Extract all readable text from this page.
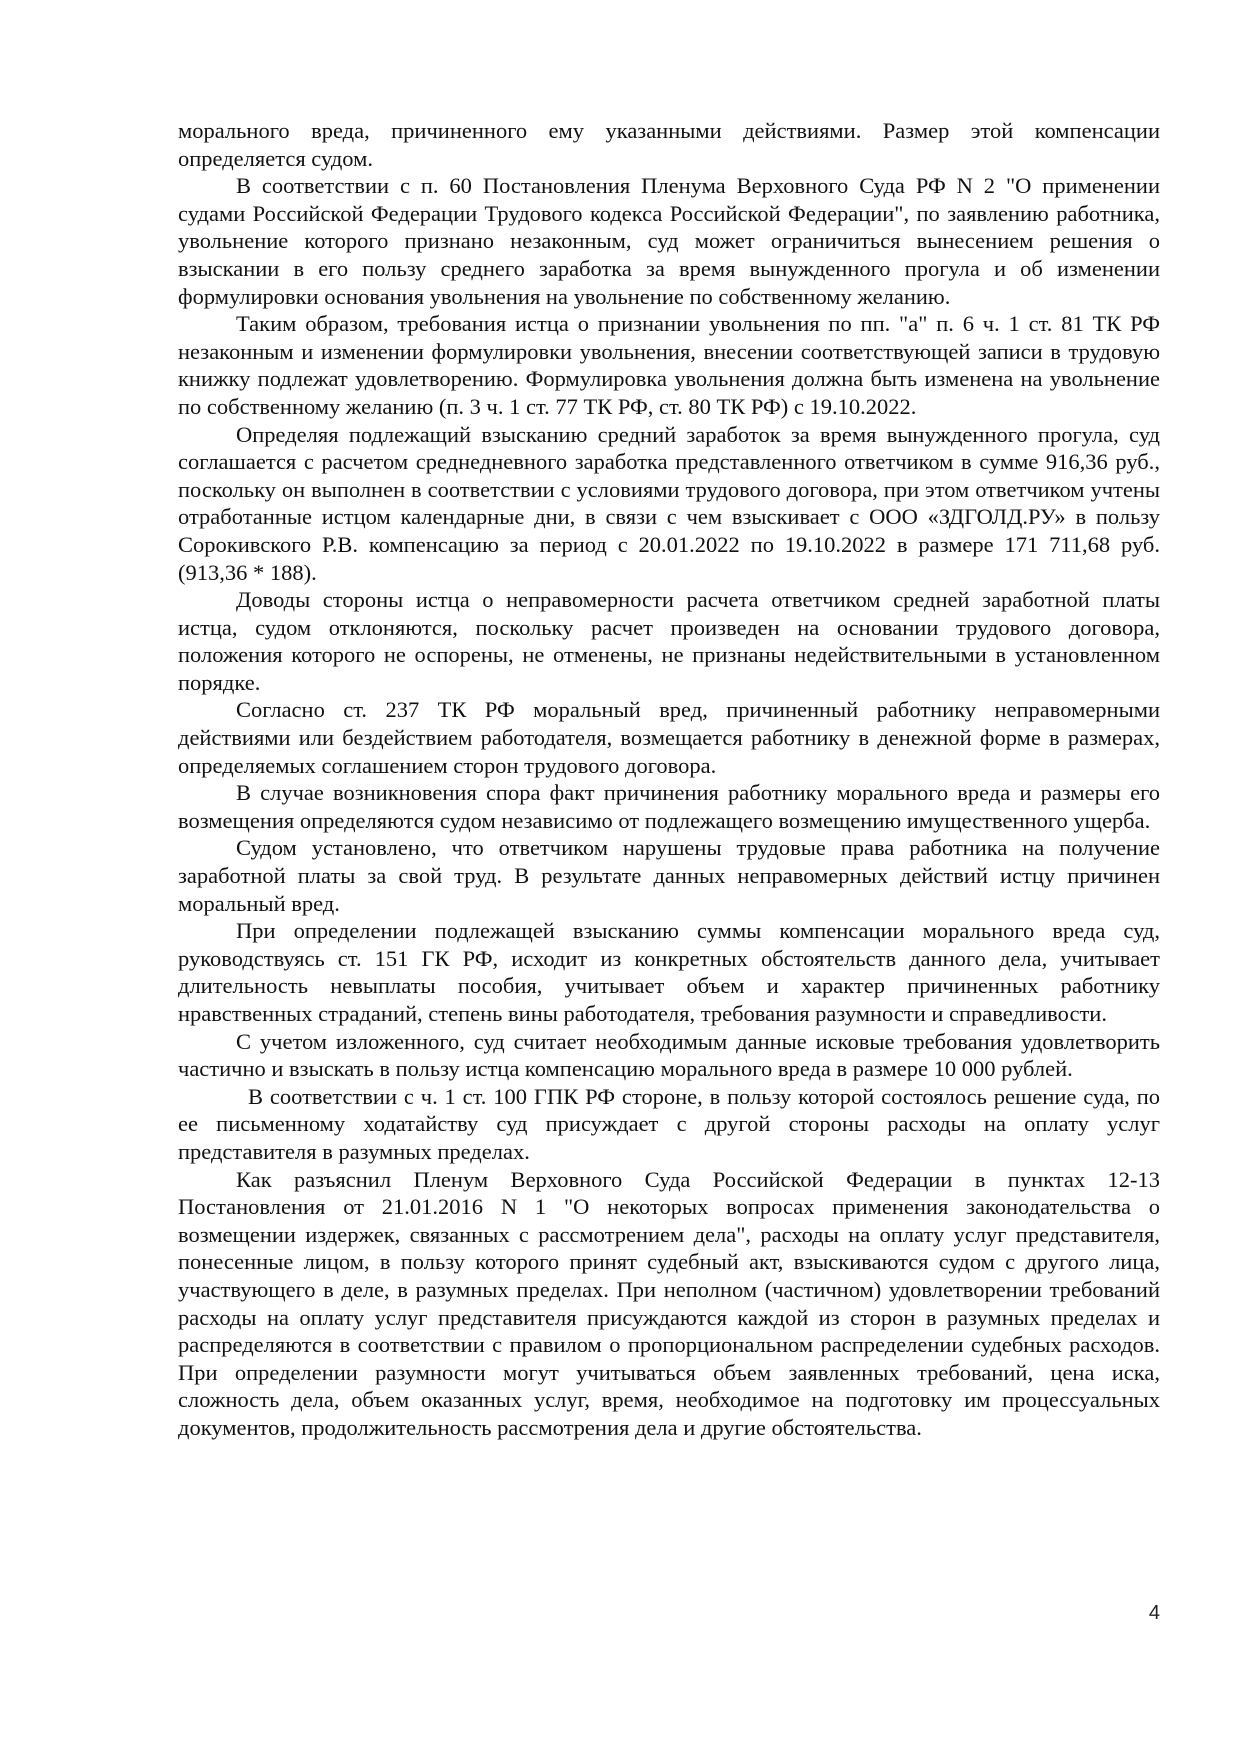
морального вреда, причиненного ему указанными действиями. Размер этой компенсации определяется судом.

В соответствии с п. 60 Постановления Пленума Верховного Суда РФ N 2 "О применении судами Российской Федерации Трудового кодекса Российской Федерации", по заявлению работника, увольнение которого признано незаконным, суд может ограничиться вынесением решения о взыскании в его пользу среднего заработка за время вынужденного прогула и об изменении формулировки основания увольнения на увольнение по собственному желанию.

Таким образом, требования истца о признании увольнения по пп. "а" п. 6 ч. 1 ст. 81 ТК РФ незаконным и изменении формулировки увольнения, внесении соответствующей записи в трудовую книжку подлежат удовлетворению. Формулировка увольнения должна быть изменена на увольнение по собственному желанию (п. 3 ч. 1 ст. 77 ТК РФ, ст. 80 ТК РФ) с 19.10.2022.

Определяя подлежащий взысканию средний заработок за время вынужденного прогула, суд соглашается с расчетом среднедневного заработка представленного ответчиком в сумме 916,36 руб., поскольку он выполнен в соответствии с условиями трудового договора, при этом ответчиком учтены отработанные истцом календарные дни, в связи с чем взыскивает с ООО «ЗДГОЛД.РУ» в пользу Сорокивского Р.В. компенсацию за период с 20.01.2022 по 19.10.2022 в размере 171 711,68 руб. (913,36 * 188).

Доводы стороны истца о неправомерности расчета ответчиком средней заработной платы истца, судом отклоняются, поскольку расчет произведен на основании трудового договора, положения которого не оспорены, не отменены, не признаны недействительными в установленном порядке.

Согласно ст. 237 ТК РФ моральный вред, причиненный работнику неправомерными действиями или бездействием работодателя, возмещается работнику в денежной форме в размерах, определяемых соглашением сторон трудового договора.

В случае возникновения спора факт причинения работнику морального вреда и размеры его возмещения определяются судом независимо от подлежащего возмещению имущественного ущерба.

Судом установлено, что ответчиком нарушены трудовые права работника на получение заработной платы за свой труд. В результате данных неправомерных действий истцу причинен моральный вред.

При определении подлежащей взысканию суммы компенсации морального вреда суд, руководствуясь ст. 151 ГК РФ, исходит из конкретных обстоятельств данного дела, учитывает длительность невыплаты пособия, учитывает объем и характер причиненных работнику нравственных страданий, степень вины работодателя, требования разумности и справедливости.

С учетом изложенного, суд считает необходимым данные исковые требования удовлетворить частично и взыскать в пользу истца компенсацию морального вреда в размере 10 000 рублей.

В соответствии с ч. 1 ст. 100 ГПК РФ стороне, в пользу которой состоялось решение суда, по ее письменному ходатайству суд присуждает с другой стороны расходы на оплату услуг представителя в разумных пределах.

Как разъяснил Пленум Верховного Суда Российской Федерации в пунктах 12-13 Постановления от 21.01.2016 N 1 "О некоторых вопросах применения законодательства о возмещении издержек, связанных с рассмотрением дела", расходы на оплату услуг представителя, понесенные лицом, в пользу которого принят судебный акт, взыскиваются судом с другого лица, участвующего в деле, в разумных пределах. При неполном (частичном) удовлетворении требований расходы на оплату услуг представителя присуждаются каждой из сторон в разумных пределах и распределяются в соответствии с правилом о пропорциональном распределении судебных расходов. При определении разумности могут учитываться объем заявленных требований, цена иска, сложность дела, объем оказанных услуг, время, необходимое на подготовку им процессуальных документов, продолжительность рассмотрения дела и другие обстоятельства.

4
